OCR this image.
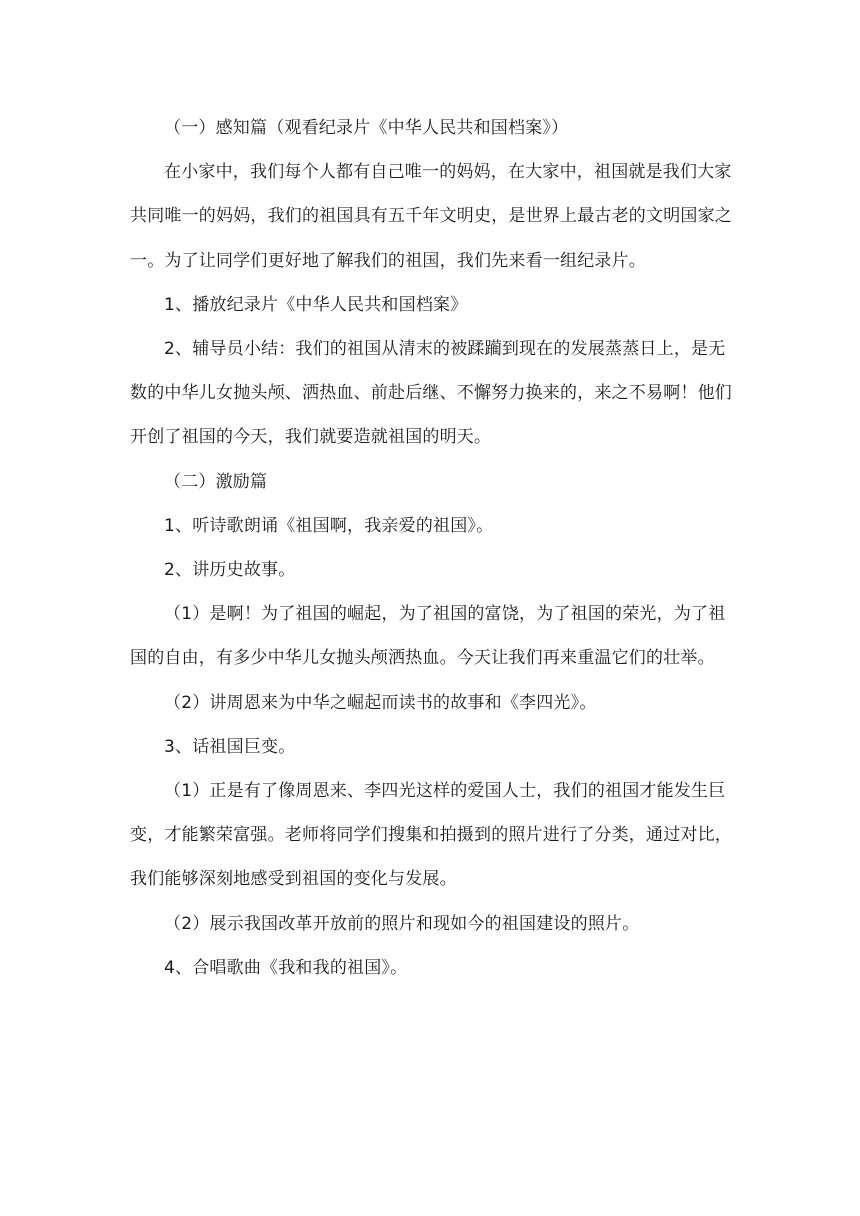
（一）感知篇（观看纪录片《中华人民共和国档案》）

在小家中，我们每个人都有自己唯一的妈妈，在大家中，祖国就是我们大家共同唯一的妈妈，我们的祖国具有五千年文明史，是世界上最古老的文明国家之一。为了让同学们更好地了解我们的祖国，我们先来看一组纪录片。

1、播放纪录片《中华人民共和国档案》

2、辅导员小结：我们的祖国从清末的被蹂躏到现在的发展蒸蒸日上，是无数的中华儿女抛头颅、洒热血、前赴后继、不懈努力换来的，来之不易啊！他们开创了祖国的今天，我们就要造就祖国的明天。

（二）激励篇

1、听诗歌朗诵《祖国啊，我亲爱的祖国》。

2、讲历史故事。

（1）是啊！为了祖国的崛起，为了祖国的富饶，为了祖国的荣光，为了祖国的自由，有多少中华儿女抛头颅洒热血。今天让我们再来重温它们的壮举。

（2）讲周恩来为中华之崛起而读书的故事和《李四光》。

3、话祖国巨变。

（1）正是有了像周恩来、李四光这样的爱国人士，我们的祖国才能发生巨变，才能繁荣富强。老师将同学们搜集和拍摄到的照片进行了分类，通过对比，我们能够深刻地感受到祖国的变化与发展。

（2）展示我国改革开放前的照片和现如今的祖国建设的照片。

4、合唱歌曲《我和我的祖国》。
